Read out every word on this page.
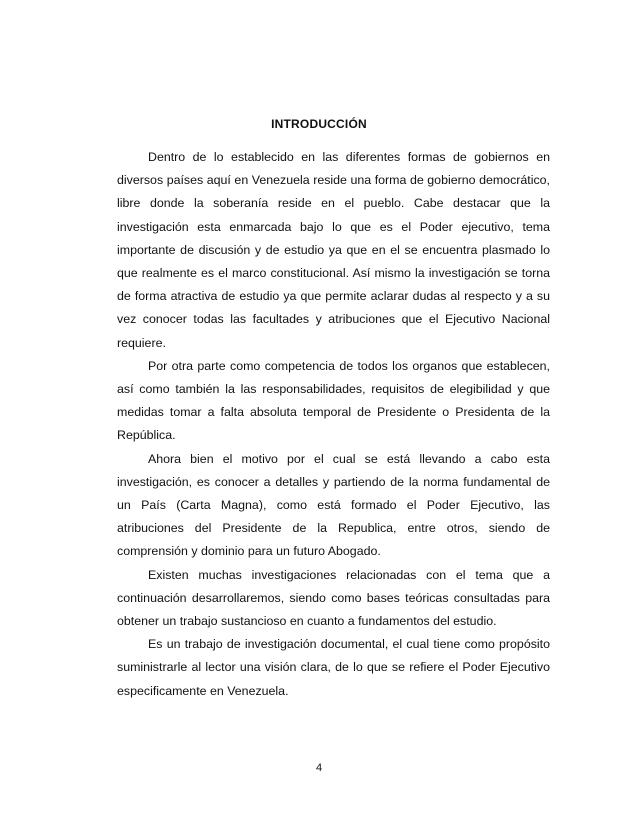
INTRODUCCIÓN

Dentro de lo establecido en las diferentes formas de gobiernos en diversos países aquí en Venezuela reside una forma de gobierno democrático, libre donde la soberanía reside en el pueblo. Cabe destacar que la investigación esta enmarcada bajo lo que es el Poder ejecutivo, tema importante de discusión y de estudio ya que en el se encuentra plasmado lo que realmente es el marco constitucional. Así mismo la investigación se torna de forma atractiva de estudio ya que permite aclarar dudas al respecto y a su vez conocer todas las facultades y atribuciones que el Ejecutivo Nacional requiere.

Por otra parte como competencia de todos los organos que establecen, así como también la las responsabilidades, requisitos de elegibilidad y que medidas tomar a falta absoluta temporal de Presidente o Presidenta de la República.

Ahora bien el motivo por el cual se está llevando a cabo esta investigación, es conocer a detalles y partiendo de la norma fundamental de un País (Carta Magna), como está formado el Poder Ejecutivo, las atribuciones del Presidente de la Republica, entre otros, siendo de comprensión y dominio para un futuro Abogado.

Existen muchas investigaciones relacionadas con el tema que a continuación desarrollaremos, siendo como bases teóricas consultadas para obtener un trabajo sustancioso en cuanto a fundamentos del estudio.

Es un trabajo de investigación documental, el cual tiene como propósito suministrarle al lector una visión clara, de lo que se refiere el Poder Ejecutivo especificamente en Venezuela.

4
